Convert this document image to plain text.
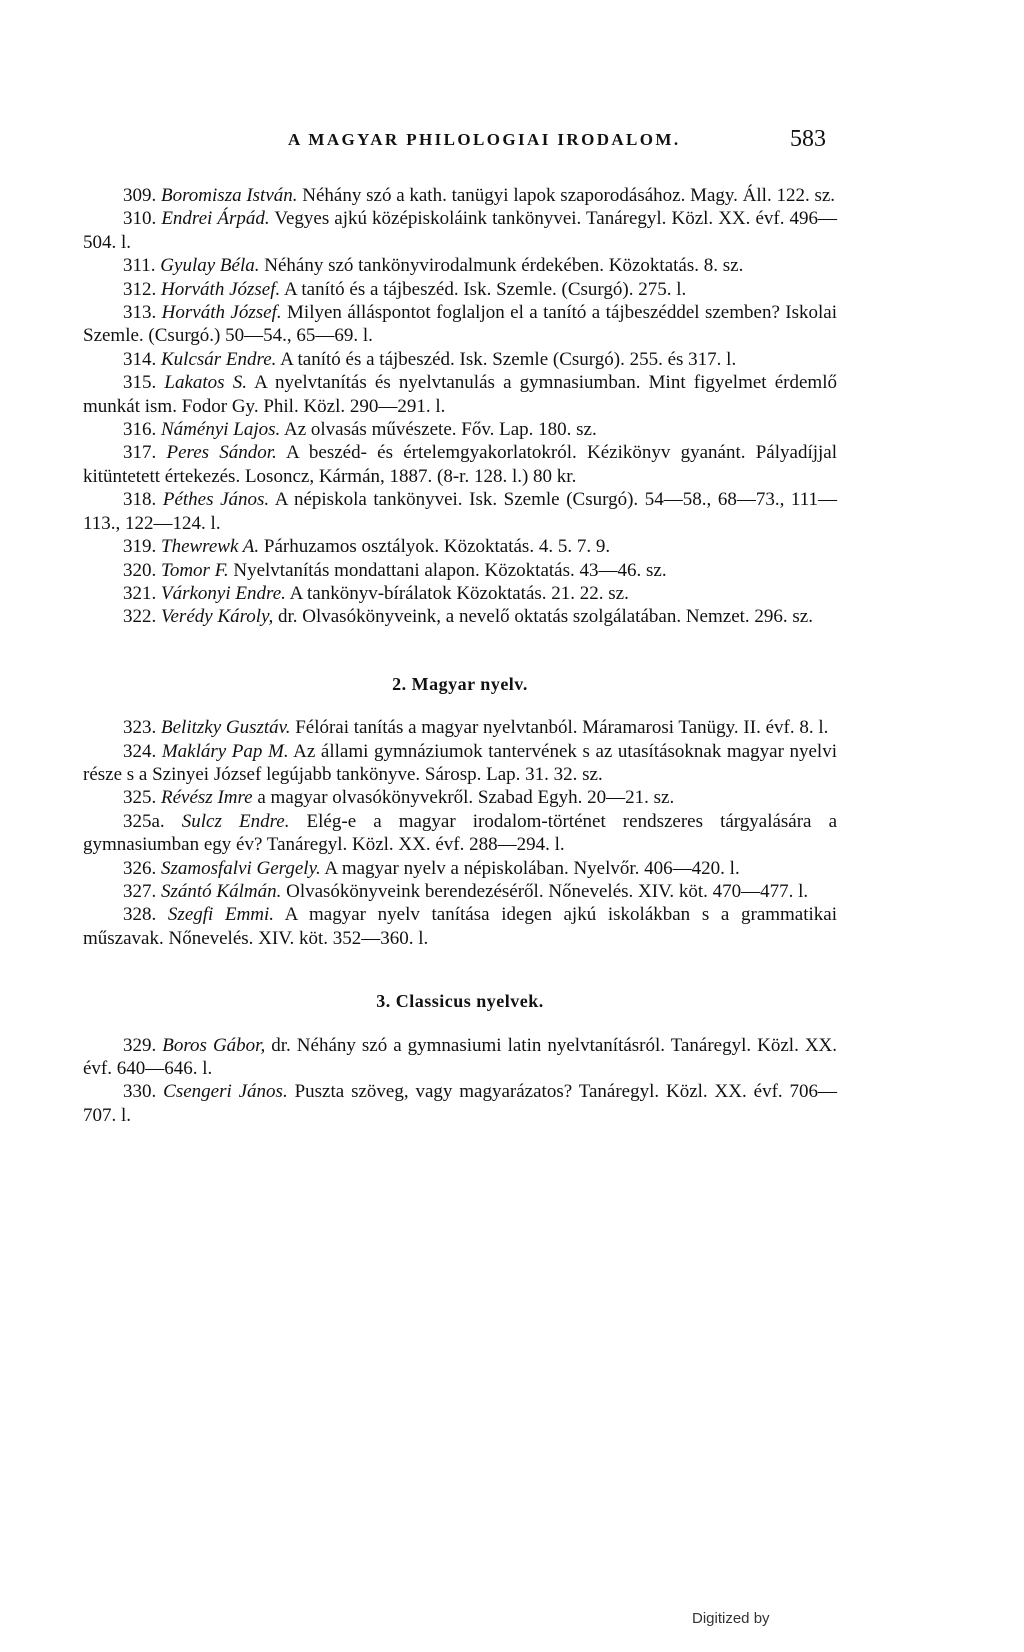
A MAGYAR PHILOLOGIAI IRODALOM.	583

309. Boromisza István. Néhány szó a kath. tanügyi lapok szaporodásához. Magy. Áll. 122. sz.

310. Endrei Árpád. Vegyes ajkú középiskoláink tankönyvei. Tanáregyl. Közl. XX. évf. 496—504. l.

311. Gyulay Béla. Néhány szó tankönyvirodalmunk érdekében. Közoktatás. 8. sz.

312. Horváth József. A tanító és a tájbeszéd. Isk. Szemle. (Csurgó). 275. l.

313. Horváth József. Milyen álláspontot foglaljon el a tanító a tájbeszéddel szemben? Iskolai Szemle. (Csurgó.) 50—54., 65—69. l.

314. Kulcsár Endre. A tanító és a tájbeszéd. Isk. Szemle (Csurgó). 255. és 317. l.

315. Lakatos S. A nyelvtanítás és nyelvtanulás a gymnasiumban. Mint figyelmet érdemlő munkát ism. Fodor Gy. Phil. Közl. 290—291. l.

316. Náményi Lajos. Az olvasás művészete. Főv. Lap. 180. sz.

317. Peres Sándor. A beszéd- és értelemgyakorlatokról. Kézikönyv gyanánt. Pályadíjjal kitüntetett értekezés. Losoncz, Kármán, 1887. (8-r. 128. l.) 80 kr.

318. Péthes János. A népiskola tankönyvei. Isk. Szemle (Csurgó). 54—58., 68—73., 111—113., 122—124. l.

319. Thewrewk A. Párhuzamos osztályok. Közoktatás. 4. 5. 7. 9.

320. Tomor F. Nyelvtanítás mondattani alapon. Közoktatás. 43—46. sz.

321. Várkonyi Endre. A tankönyv-bírálatok Közoktatás. 21. 22. sz.

322. Verédy Károly, dr. Olvasókönyveink, a nevelő oktatás szolgálatában. Nemzet. 296. sz.

2. Magyar nyelv.

323. Belitzky Gusztáv. Félórai tanítás a magyar nyelvtanból. Máramarosi Tanügy. II. évf. 8. l.

324. Makláry Pap M. Az állami gymnáziumok tantervének s az utasításoknak magyar nyelvi része s a Szinyei József legújabb tankönyve. Sárosp. Lap. 31. 32. sz.

325. Révész Imre a magyar olvasókönyvekről. Szabad Egyh. 20—21. sz.

325a. Sulcz Endre. Elég-e a magyar irodalom-történet rendszeres tárgyalására a gymnasiumban egy év? Tanáregyl. Közl. XX. évf. 288—294. l.

326. Szamosfalvi Gergely. A magyar nyelv a népiskolában. Nyelvőr. 406—420. l.

327. Szántó Kálmán. Olvasókönyveink berendezéséről. Nőnevelés. XIV. köt. 470—477. l.

328. Szegfi Emmi. A magyar nyelv tanítása idegen ajkú iskolákban s a grammatikai műszavak. Nőnevelés. XIV. köt. 352—360. l.

3. Classicus nyelvek.

329. Boros Gábor, dr. Néhány szó a gymnasiumi latin nyelvtanításról. Tanáregyl. Közl. XX. évf. 640—646. l.

330. Csengeri János. Puszta szöveg, vagy magyarázatos? Tanáregyl. Közl. XX. évf. 706—707. l.

Digitized by
